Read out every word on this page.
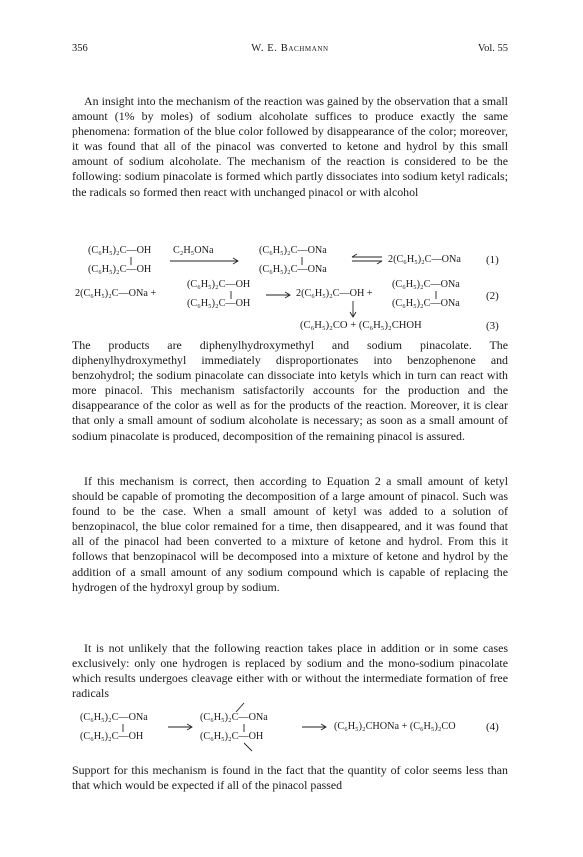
356	W. E. Bachmann	Vol. 55

An insight into the mechanism of the reaction was gained by the observation that a small amount (1% by moles) of sodium alcoholate suffices to produce exactly the same phenomena: formation of the blue color followed by disappearance of the color; moreover, it was found that all of the pinacol was converted to ketone and hydrol by this small amount of sodium alcoholate. The mechanism of the reaction is considered to be the following: sodium pinacolate is formed which partly dissociates into sodium ketyl radicals; the radicals so formed then react with unchanged pinacol or with alcohol

(C₆H₅)₂C—OH
(C₆H₅)₂C—OH
C₂H₅ONa	(C₆H₅)₂C—ONa
(C₆H₅)₂C—ONa
2(C₆H₅)₂C—ONa (1)
2(C₆H₅)₂C—ONa +
(C₆H₅)₂C—OH
(C₆H₅)₂C—OH
2(C₆H₅)₂C—OH +
(C₆H₅)₂C—ONa
(C₆H₅)₂C—ONa
(2)
(C₆H₅)₂CO + (C₆H₅)₂CHOH	(3)

The products are diphenylhydroxymethyl and sodium pinacolate. The diphenylhydroxymethyl immediately disproportionates into benzophenone and benzohydrol; the sodium pinacolate can dissociate into ketyls which in turn can react with more pinacol. This mechanism satisfactorily accounts for the production and the disappearance of the color as well as for the products of the reaction. Moreover, it is clear that only a small amount of sodium alcoholate is necessary; as soon as a small amount of sodium pinacolate is produced, decomposition of the remaining pinacol is assured.

If this mechanism is correct, then according to Equation 2 a small amount of ketyl should be capable of promoting the decomposition of a large amount of pinacol. Such was found to be the case. When a small amount of ketyl was added to a solution of benzopinacol, the blue color remained for a time, then disappeared, and it was found that all of the pinacol had been converted to a mixture of ketone and hydrol. From this it follows that benzopinacol will be decomposed into a mixture of ketone and hydrol by the addition of a small amount of any sodium compound which is capable of replacing the hydrogen of the hydroxyl group by sodium.

It is not unlikely that the following reaction takes place in addition or in some cases exclusively: only one hydrogen is replaced by sodium and the mono-sodium pinacolate which results undergoes cleavage either with or without the intermediate formation of free radicals

(C₆H₅)₂C—ONa
(C₆H₅)₂C—OH
(C₆H₅)₂C—ONa
(C₆H₅)₂C—OH
(C₆H₅)₂CHONa + (C₆H₅)₂CO	(4)

Support for this mechanism is found in the fact that the quantity of color seems less than that which would be expected if all of the pinacol passed
